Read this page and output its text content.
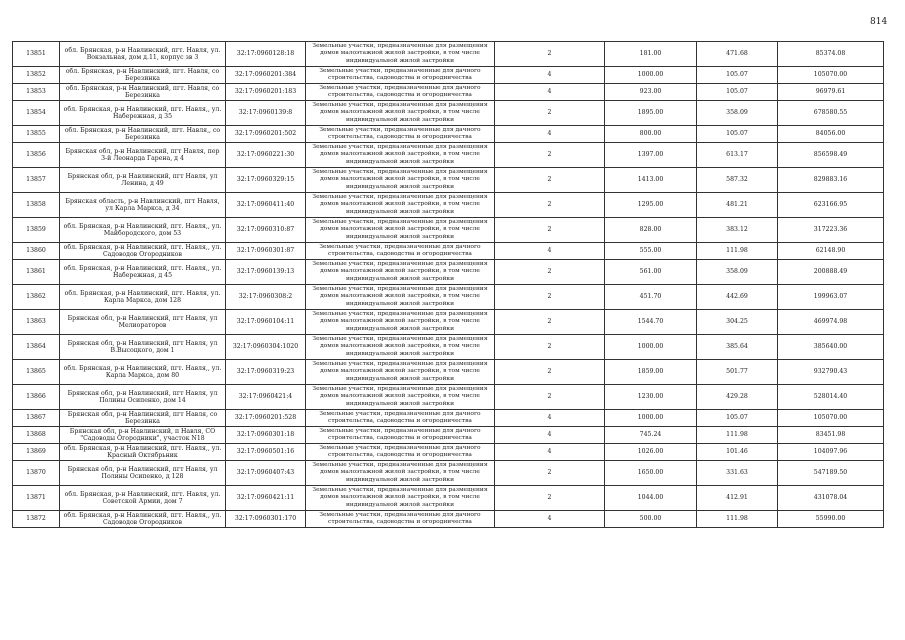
814
13851	обл. Брянская, р-н Навлинский, пгт. Навля, ул. Вокзальная, дом д.11, корпус зв 3	32:17:0960128:18	Земельные участки, предназначенные для размещения домов малоэтажной жилой застройки, в том числе индивидуальной жилой застройки	2	181.00	471.68	85374.08
13852	обл. Брянская, р-н Навлинский, пгт. Навля, со Березинка	32:17:0960201:384	Земельные участки, предназначенные для дачного строительства, садоводства и огородничества	4	1000.00	105.07	105070.00
13853	обл. Брянская, р-н Навлинский, пгт. Навля, со Березинка	32:17:0960201:183	Земельные участки, предназначенные для дачного строительства, садоводства и огородничества	4	923.00	105.07	96979.61
13854	обл. Брянская, р-н Навлинский, пгт. Навля,, ул. Набережная, д 35	32:17:0960139:8	Земельные участки, предназначенные для размещения домов малоэтажной жилой застройки, в том числе индивидуальной жилой застройки	2	1895.00	358.09	678580.55
13855	обл. Брянская, р-н Навлинский, пгт. Навля,, со Березинка	32:17:0960201:502	Земельные участки, предназначенные для дачного строительства, садоводства и огородничества	4	800.00	105.07	84056.00
13856	Брянская обл, р-н Навлинский, пгт Навля, пер 3-й Леонарда Гарена, д 4	32:17:0960221:30	Земельные участки, предназначенные для размещения домов малоэтажной жилой застройки, в том числе индивидуальной жилой застройки	2	1397.00	613.17	856598.49
13857	Брянская обл, р-н Навлинский, пгт Навля, ул Ленина, д 49	32:17:0960329:15	Земельные участки, предназначенные для размещения домов малоэтажной жилой застройки, в том числе индивидуальной жилой застройки	2	1413.00	587.32	829883.16
13858	Брянская область, р-н Навлинский, пгт Навля, ул Карла Маркса, д 34	32:17:0960411:40	Земельные участки, предназначенные для размещения домов малоэтажной жилой застройки, в том числе индивидуальной жилой застройки	2	1295.00	481.21	623166.95
13859	обл. Брянская, р-н Навлинский, пгт. Навля,, ул. Майбородского, дом 53	32:17:0960310:87	Земельные участки, предназначенные для размещения домов малоэтажной жилой застройки, в том числе индивидуальной жилой застройки	2	828.00	383.12	317223.36
13860	обл. Брянская, р-н Навлинский, пгт. Навля,, ул. Садоводов Огородников	32:17:0960301:87	Земельные участки, предназначенные для дачного строительства, садоводства и огородничества	4	555.00	111.98	62148.90
13861	обл. Брянская, р-н Навлинский, пгт. Навля,, ул. Набережная, д 45	32:17:0960139:13	Земельные участки, предназначенные для размещения домов малоэтажной жилой застройки, в том числе индивидуальной жилой застройки	2	561.00	358.09	200888.49
13862	обл. Брянская, р-н Навлинский, пгт. Навля, ул. Карла Маркса, дом 128	32:17:0960308:2	Земельные участки, предназначенные для размещения домов малоэтажной жилой застройки, в том числе индивидуальной жилой застройки	2	451.70	442.69	199963.07
13863	Брянская обл, р-н Навлинский, пгт Навля, ул Мелиораторов	32:17:0960104:11	Земельные участки, предназначенные для размещения домов малоэтажной жилой застройки, в том числе индивидуальной жилой застройки	2	1544.70	304.25	469974.98
13864	Брянская обл, р-н Навлинский, пгт Навля, ул В.Высоцкого, дом 1	32:17:0960304:1020	Земельные участки, предназначенные для размещения домов малоэтажной жилой застройки, в том числе индивидуальной жилой застройки	2	1000.00	385.64	385640.00
13865	обл. Брянская, р-н Навлинский, пгт. Навля,, ул. Карла Маркса, дом 80	32:17:0960319:23	Земельные участки, предназначенные для размещения домов малоэтажной жилой застройки, в том числе индивидуальной жилой застройки	2	1859.00	501.77	932790.43
13866	Брянская обл, р-н Навлинский, пгт Навля, ул Полины Осипенко, дом 14	32:17:0960421:4	Земельные участки, предназначенные для размещения домов малоэтажной жилой застройки, в том числе индивидуальной жилой застройки	2	1230.00	429.28	528014.40
13867	Брянская обл, р-н Навлинский, пгт Навля, со Березинка	32:17:0960201:528	Земельные участки, предназначенные для дачного строительства, садоводства и огородничества	4	1000.00	105.07	105070.00
13868	Брянская обл, р-н Навлинский, п Навля, СО "Садоводы Огородники", участок N18	32:17:0960301:18	Земельные участки, предназначенные для дачного строительства, садоводства и огородничества	4	745.24	111.98	83451.98
13869	обл. Брянская, р-н Навлинский, пгт. Навля,, ул. Красный Октябрьник	32:17:0960501:16	Земельные участки, предназначенные для дачного строительства, садоводства и огородничества	4	1026.00	101.46	104097.96
13870	Брянская обл, р-н Навлинский, пгт Навля, ул Полины Осипенко, д 128	32:17:0960407:43	Земельные участки, предназначенные для размещения домов малоэтажной жилой застройки, в том числе индивидуальной жилой застройки	2	1650.00	331.63	547189.50
13871	обл. Брянская, р-н Навлинский, пгт. Навля, ул. Советской Армии, дом 7	32:17:0960421:11	Земельные участки, предназначенные для размещения домов малоэтажной жилой застройки, в том числе индивидуальной жилой застройки	2	1044.00	412.91	431078.04
13872	обл. Брянская, р-н Навлинский, пгт. Навля,, ул. Садоводов Огородников	32:17:0960301:170	Земельные участки, предназначенные для дачного строительства, садоводства и огородничества	4	500.00	111.98	55990.00
